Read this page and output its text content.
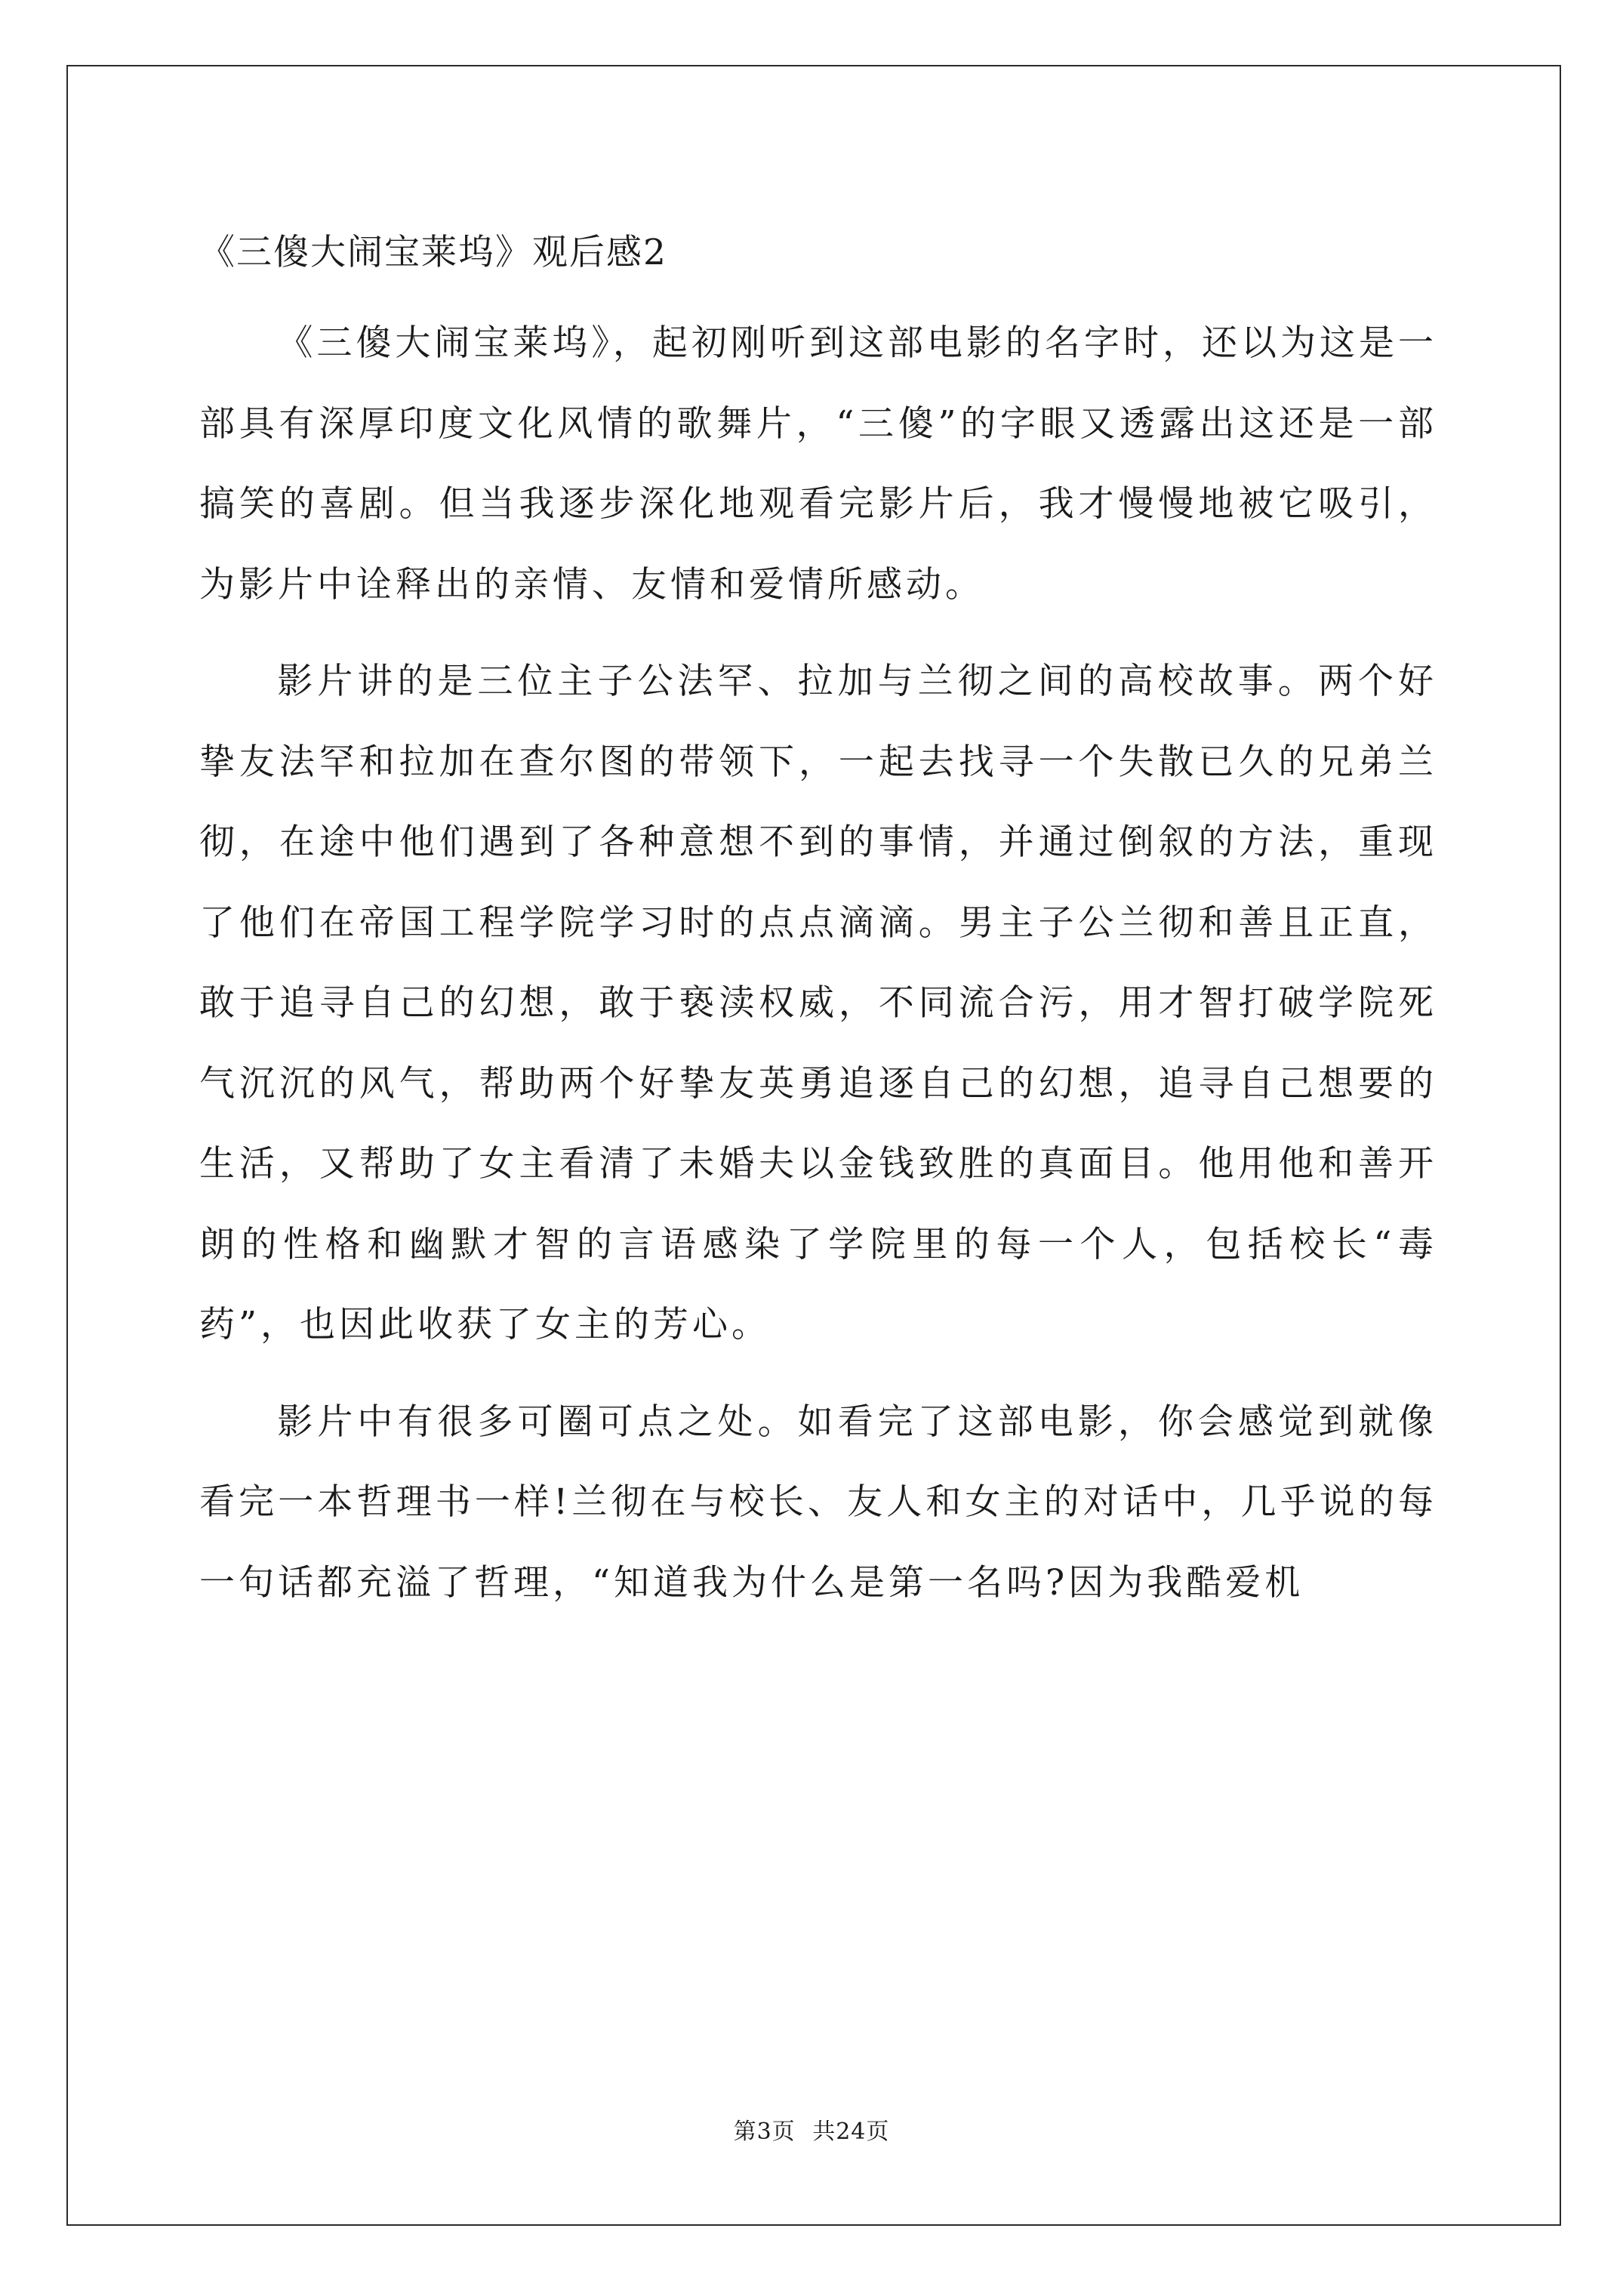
《三傻大闹宝莱坞》观后感2

《三傻大闹宝莱坞》，起初刚听到这部电影的名字时，还以为这是一部具有深厚印度文化风情的歌舞片，“三傻”的字眼又透露出这还是一部搞笑的喜剧。但当我逐步深化地观看完影片后，我才慢慢地被它吸引，为影片中诠释出的亲情、友情和爱情所感动。

影片讲的是三位主子公法罕、拉加与兰彻之间的高校故事。两个好挚友法罕和拉加在查尔图的带领下，一起去找寻一个失散已久的兄弟兰彻，在途中他们遇到了各种意想不到的事情，并通过倒叙的方法，重现了他们在帝国工程学院学习时的点点滴滴。男主子公兰彻和善且正直，敢于追寻自己的幻想，敢于亵渎权威，不同流合污，用才智打破学院死气沉沉的风气，帮助两个好挚友英勇追逐自己的幻想，追寻自己想要的生活，又帮助了女主看清了未婚夫以金钱致胜的真面目。他用他和善开朗的性格和幽默才智的言语感染了学院里的每一个人，包括校长“毒药”，也因此收获了女主的芳心。

影片中有很多可圈可点之处。如看完了这部电影，你会感觉到就像看完一本哲理书一样!兰彻在与校长、友人和女主的对话中，几乎说的每一句话都充溢了哲理，“知道我为什么是第一名吗?因为我酷爱机

第3页 共24页
